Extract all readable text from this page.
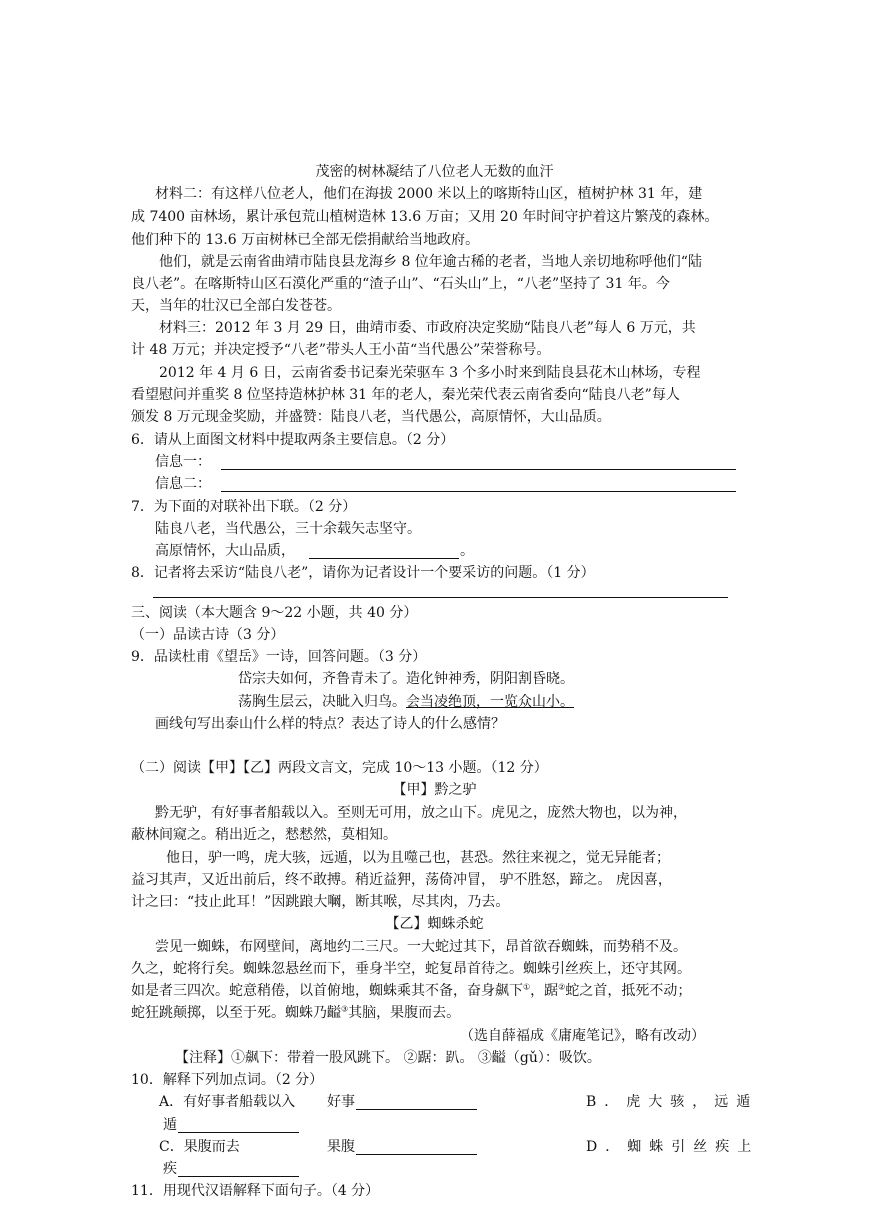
茂密的树林凝结了八位老人无数的血汗
材料二：有这样八位老人，他们在海拔 2000 米以上的喀斯特山区，植树护林 31 年，建
成 7400 亩林场，累计承包荒山植树造林 13.6 万亩；又用 20 年时间守护着这片繁茂的森林。
他们种下的 13.6 万亩树林已全部无偿捐献给当地政府。
他们，就是云南省曲靖市陆良县龙海乡 8 位年逾古稀的老者，当地人亲切地称呼他们“陆
良八老”。在喀斯特山区石漠化严重的“渣子山”、“石头山”上，“八老”坚持了 31 年。今
天，当年的壮汉已全部白发苍苍。
材料三：2012 年 3 月 29 日，曲靖市委、市政府决定奖励“陆良八老”每人 6 万元，共
计 48 万元；并决定授予“八老”带头人王小苗“当代愚公”荣誉称号。
2012 年 4 月 6 日，云南省委书记秦光荣驱车 3 个多小时来到陆良县花木山林场，专程
看望慰问并重奖 8 位坚持造林护林 31 年的老人，秦光荣代表云南省委向“陆良八老”每人
颁发 8 万元现金奖励，并盛赞：陆良八老，当代愚公，高原情怀，大山品质。
6．请从上面图文材料中提取两条主要信息。（2 分）
信息一：
信息二：
7．为下面的对联补出下联。（2 分）
陆良八老，当代愚公，三十余载矢志坚守。
高原情怀，大山品质，	。
8．记者将去采访“陆良八老”，请你为记者设计一个要采访的问题。（1 分）
三、阅读（本大题含 9～22 小题，共 40 分）
（一）品读古诗（3 分）
9．品读杜甫《望岳》一诗，回答问题。（3 分）
岱宗夫如何，齐鲁青未了。造化钟神秀，阴阳割昏晓。
荡胸生层云，决眦入归鸟。会当凌绝顶，一览众山小。
画线句写出泰山什么样的特点？表达了诗人的什么感情？
（二）阅读【甲】【乙】两段文言文，完成 10～13 小题。（12 分）
【甲】黔之驴
黔无驴，有好事者船载以入。至则无可用，放之山下。虎见之，庞然大物也，以为神，
蔽林间窥之。稍出近之，慭慭然，莫相知。
他日，驴一鸣，虎大骇，远遁，以为且噬己也，甚恐。然往来视之，觉无异能者；
益习其声，又近出前后，终不敢搏。稍近益狎，荡倚冲冒， 驴不胜怒，蹄之。 虎因喜，
计之曰：“技止此耳！”因跳踉大㘎，断其喉，尽其肉，乃去。
【乙】蜘蛛杀蛇
尝见一蜘蛛，布网壁间，离地约二三尺。一大蛇过其下，昂首欲吞蜘蛛，而势稍不及。
久之，蛇将行矣。蜘蛛忽悬丝而下，垂身半空，蛇复昂首待之。蜘蛛引丝疾上，还守其网。
如是者三四次。蛇意稍倦，以首俯地，蜘蛛乘其不备，奋身飙下①，踞②蛇之首，抵死不动；
蛇狂跳颠掷，以至于死。蜘蛛乃齸③其脑，果腹而去。
（选自薛福成《庸庵笔记》，略有改动）
【注释】①飙下：带着一股风跳下。 ②踞：趴。 ③齸（gǔ）：吸饮。
10．解释下列加点词。（2 分）
A．有好事者船载以入 好事	B．虎大骇，远遁
遁
C．果腹而去	果腹	D．蜘蛛引丝疾上
疾
11．用现代汉语解释下面句子。（4 分）
